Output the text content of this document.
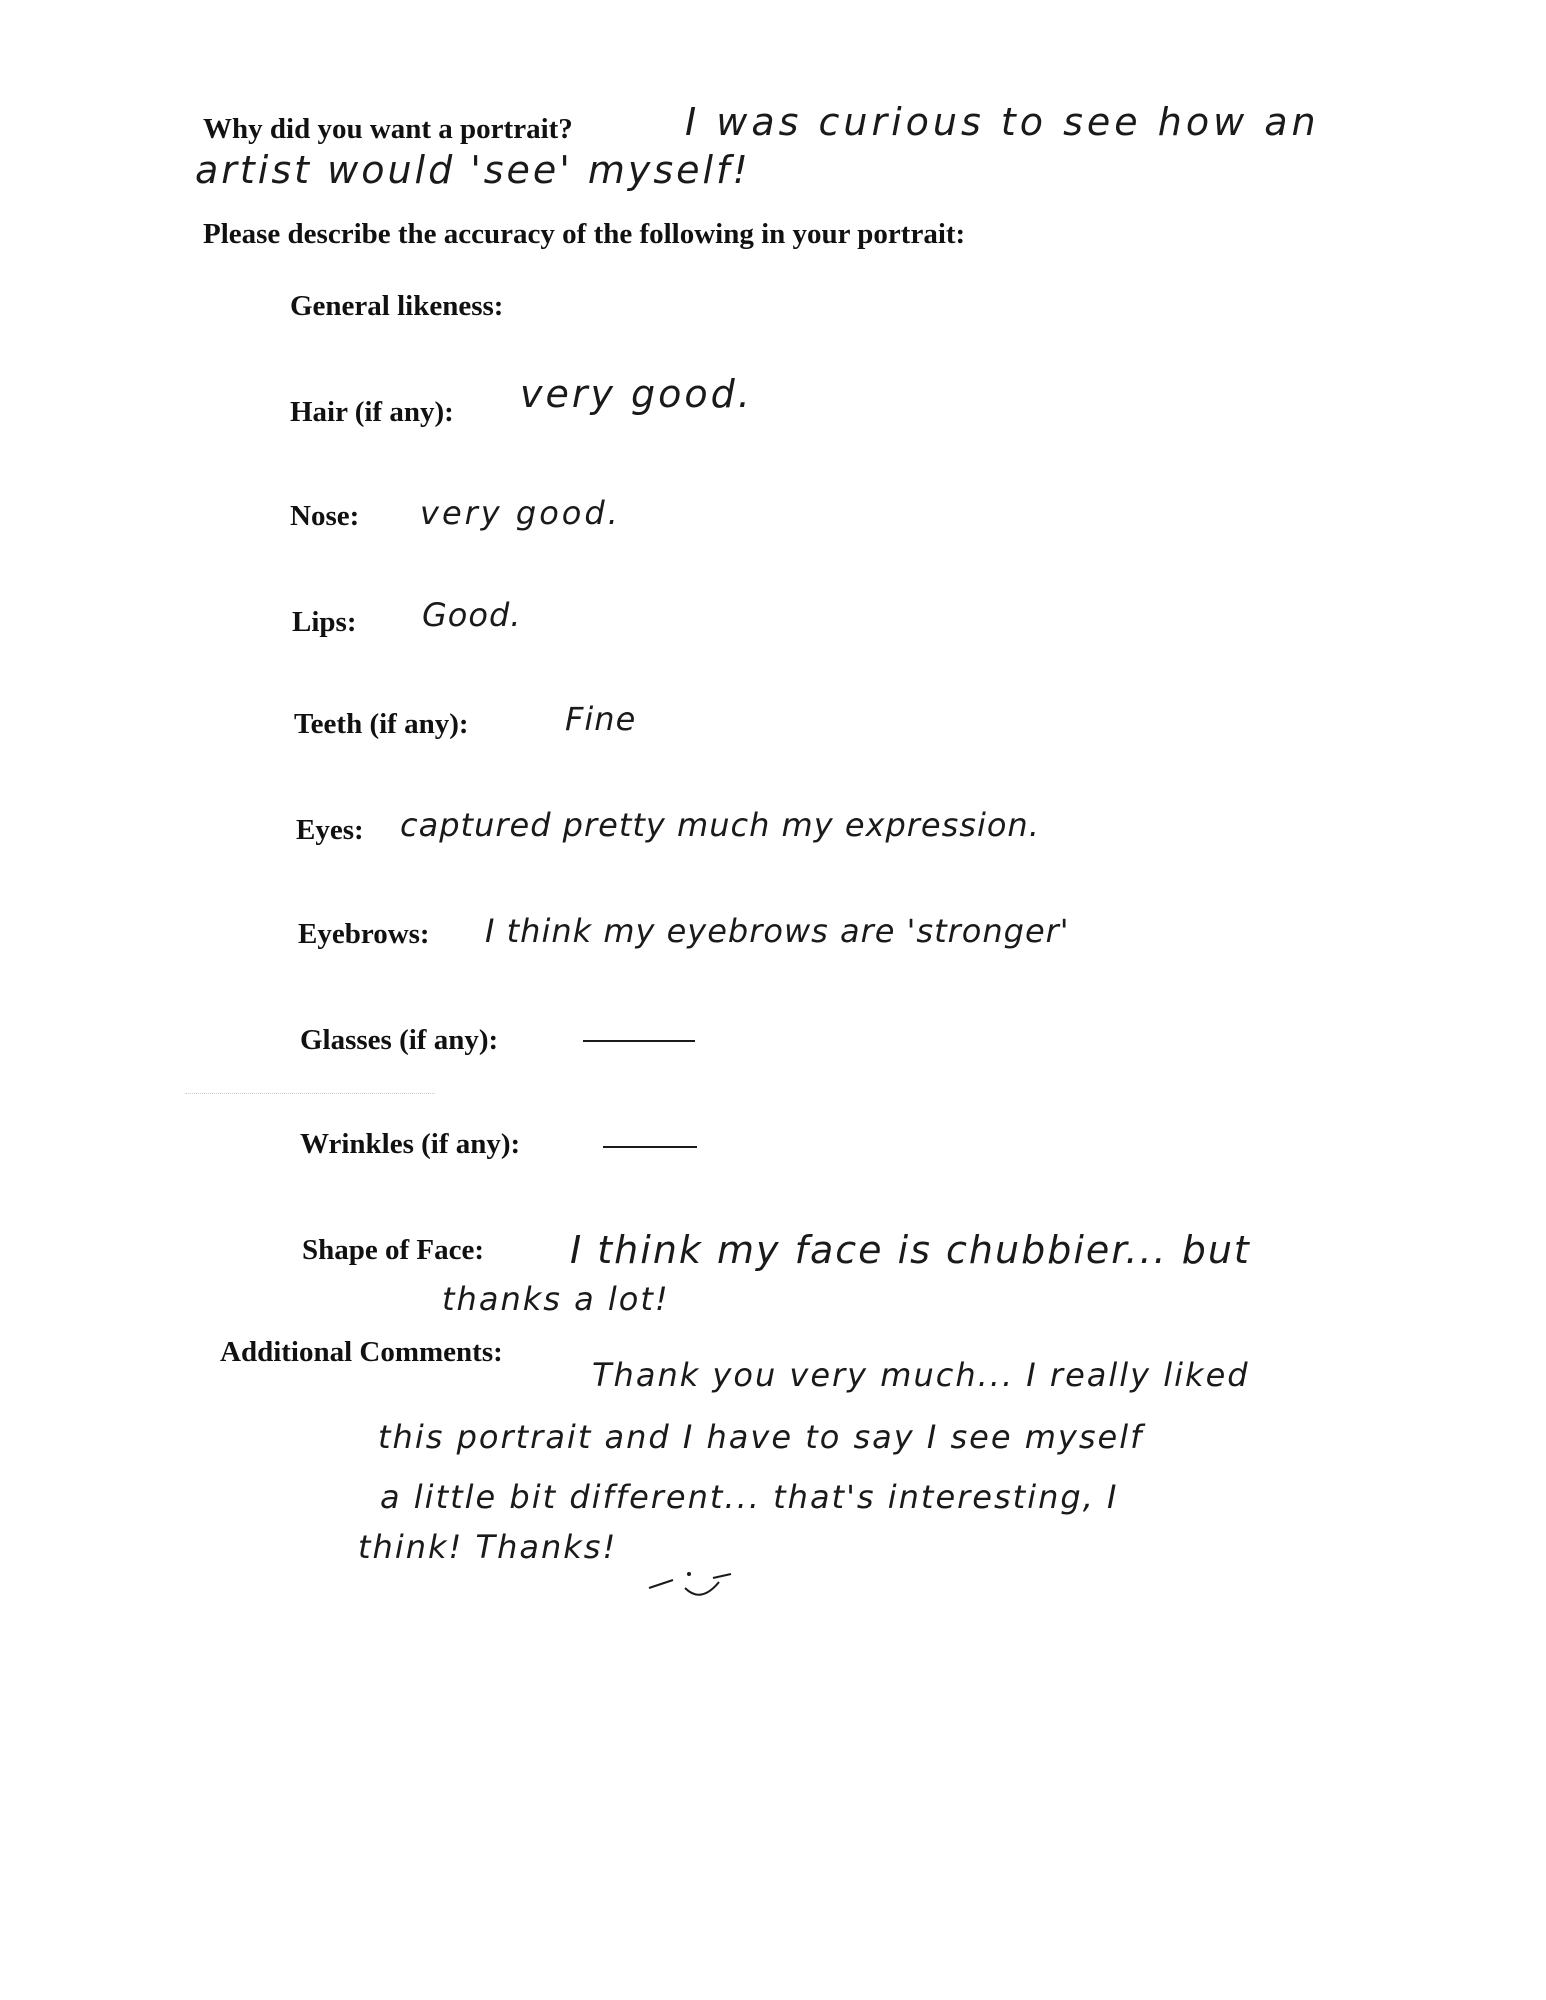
Why did you want a portrait?	I was curious to see how an
artist would 'see' myself!
Please describe the accuracy of the following in your portrait:
General likeness:
Hair (if any): very good.
Nose: very good.
Lips: Good.
Teeth (if any):	Fine
Eyes: captured pretty much my expression.
Eyebrows: I think my eyebrows are 'stronger'
Glasses (if any):
Wrinkles (if any):
Shape of Face: I think my face is chubbier... but
thanks a lot!
Additional Comments:
Thank you very much... I really liked
this portrait and I have to say I see myself
a little bit different... that's interesting, I
think! Thanks!
